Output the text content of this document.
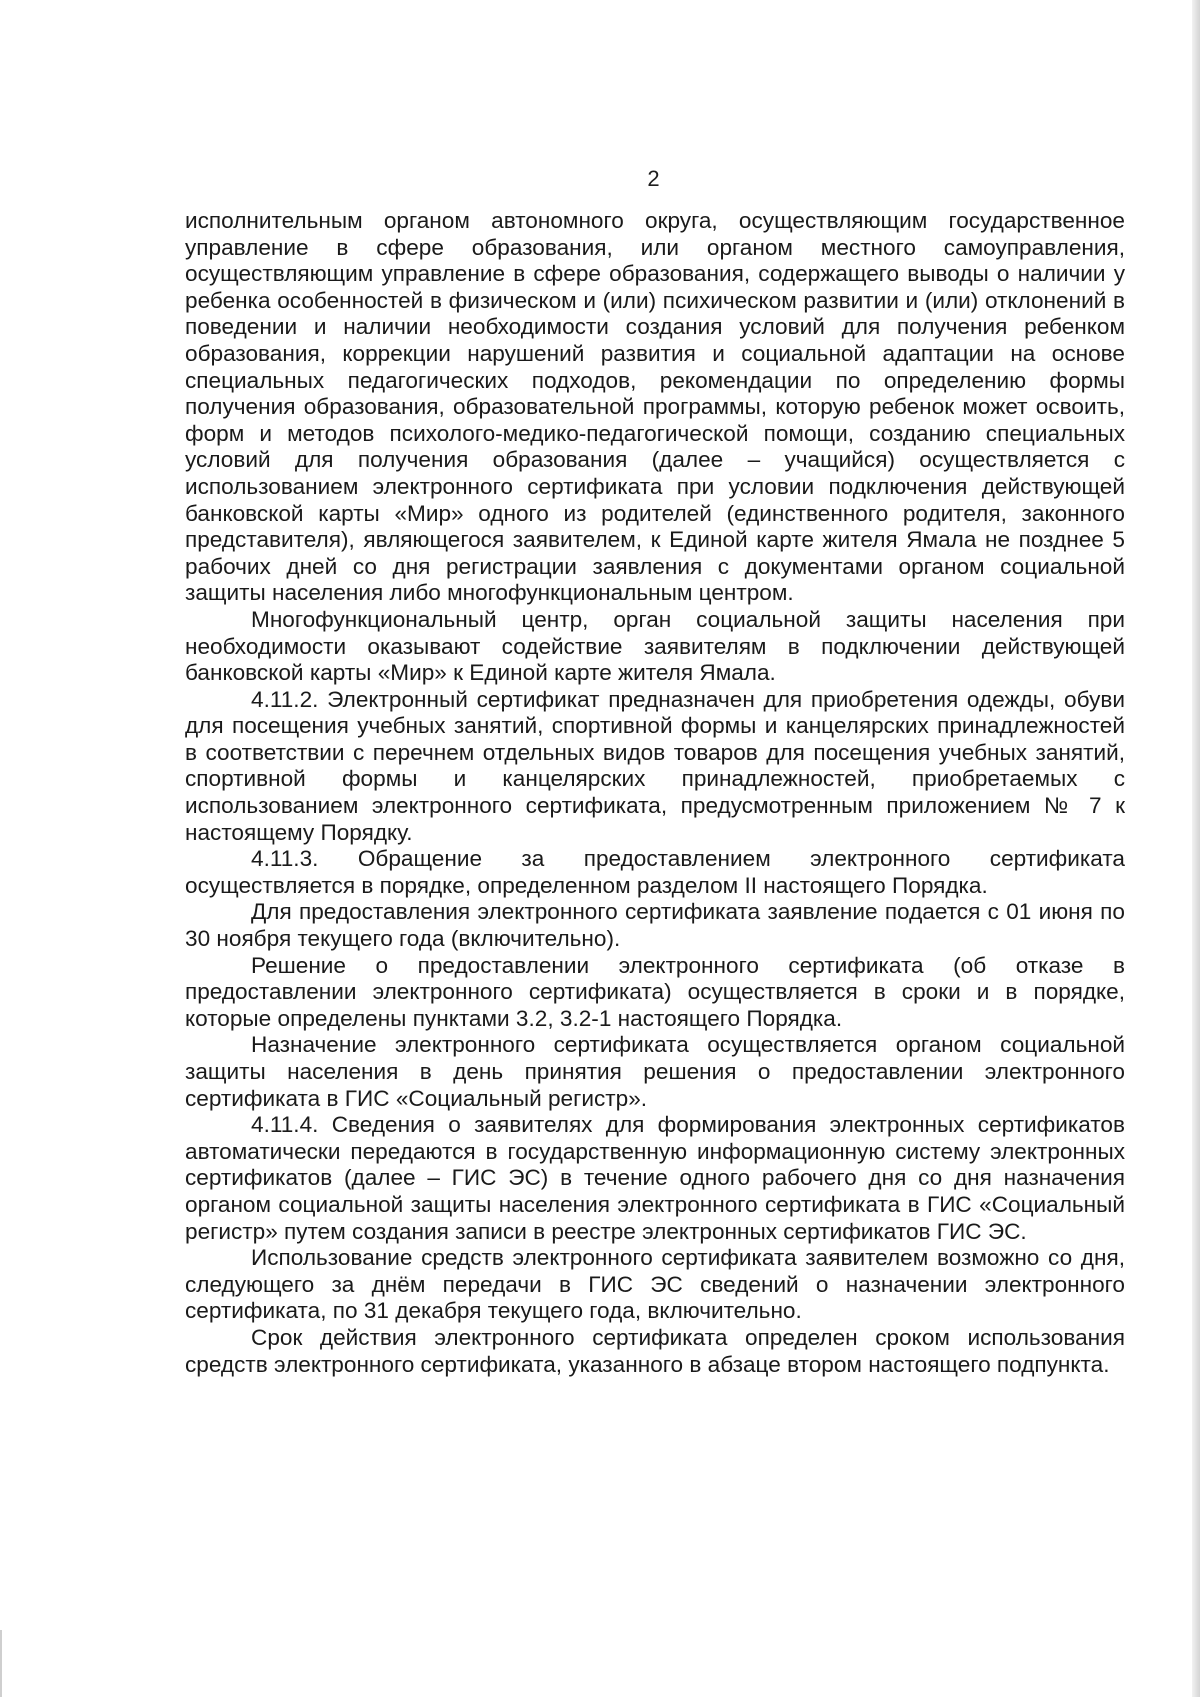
2

исполнительным органом автономного округа, осуществляющим государственное управление в сфере образования, или органом местного самоуправления, осуществляющим управление в сфере образования, содержащего выводы о наличии у ребенка особенностей в физическом и (или) психическом развитии и (или) отклонений в поведении и наличии необходимости создания условий для получения ребенком образования, коррекции нарушений развития и социальной адаптации на основе специальных педагогических подходов, рекомендации по определению формы получения образования, образовательной программы, которую ребенок может освоить, форм и методов психолого-медико-педагогической помощи, созданию специальных условий для получения образования (далее – учащийся) осуществляется с использованием электронного сертификата при условии подключения действующей банковской карты «Мир» одного из родителей (единственного родителя, законного представителя), являющегося заявителем, к Единой карте жителя Ямала не позднее 5 рабочих дней со дня регистрации заявления с документами органом социальной защиты населения либо многофункциональным центром.

Многофункциональный центр, орган социальной защиты населения при необходимости оказывают содействие заявителям в подключении действующей банковской карты «Мир» к Единой карте жителя Ямала.

4.11.2. Электронный сертификат предназначен для приобретения одежды, обуви для посещения учебных занятий, спортивной формы и канцелярских принадлежностей в соответствии с перечнем отдельных видов товаров для посещения учебных занятий, спортивной формы и канцелярских принадлежностей, приобретаемых с использованием электронного сертификата, предусмотренным приложением № 7 к настоящему Порядку.

4.11.3. Обращение за предоставлением электронного сертификата осуществляется в порядке, определенном разделом II настоящего Порядка.

Для предоставления электронного сертификата заявление подается с 01 июня по 30 ноября текущего года (включительно).

Решение о предоставлении электронного сертификата (об отказе в предоставлении электронного сертификата) осуществляется в сроки и в порядке, которые определены пунктами 3.2, 3.2-1 настоящего Порядка.

Назначение электронного сертификата осуществляется органом социальной защиты населения в день принятия решения о предоставлении электронного сертификата в ГИС «Социальный регистр».

4.11.4. Сведения о заявителях для формирования электронных сертификатов автоматически передаются в государственную информационную систему электронных сертификатов (далее – ГИС ЭС) в течение одного рабочего дня со дня назначения органом социальной защиты населения электронного сертификата в ГИС «Социальный регистр» путем создания записи в реестре электронных сертификатов ГИС ЭС.

Использование средств электронного сертификата заявителем возможно со дня, следующего за днём передачи в ГИС ЭС сведений о назначении электронного сертификата, по 31 декабря текущего года, включительно.

Срок действия электронного сертификата определен сроком использования средств электронного сертификата, указанного в абзаце втором настоящего подпункта.
